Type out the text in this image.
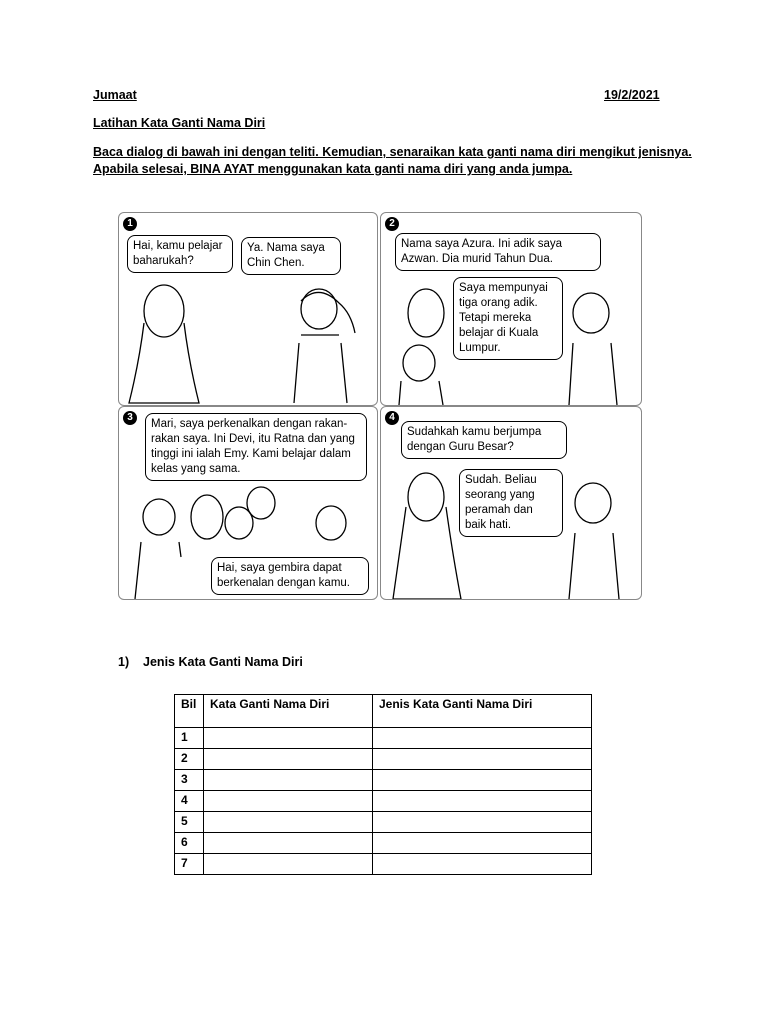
Jumaat	19/2/2021
Latihan Kata Ganti Nama Diri
Baca dialog di bawah ini dengan teliti. Kemudian, senaraikan kata ganti nama diri mengikut jenisnya. Apabila selesai, BINA AYAT menggunakan kata ganti nama diri yang anda jumpa.
1
Hai, kamu pelajar baharukah?
Ya. Nama saya Chin Chen.
2
Nama saya Azura. Ini adik saya Azwan. Dia murid Tahun Dua.
Saya mempunyai tiga orang adik. Tetapi mereka belajar di Kuala Lumpur.
3
Mari, saya perkenalkan dengan rakan-rakan saya. Ini Devi, itu Ratna dan yang tinggi ini ialah Emy. Kami belajar dalam kelas yang sama.
Hai, saya gembira dapat berkenalan dengan kamu.
4
Sudahkah kamu berjumpa dengan Guru Besar?
Sudah. Beliau seorang yang peramah dan baik hati.
1) Jenis Kata Ganti Nama Diri
Bil	Kata Ganti Nama Diri	Jenis Kata Ganti Nama Diri
1		
2		
3		
4		
5		
6		
7		
